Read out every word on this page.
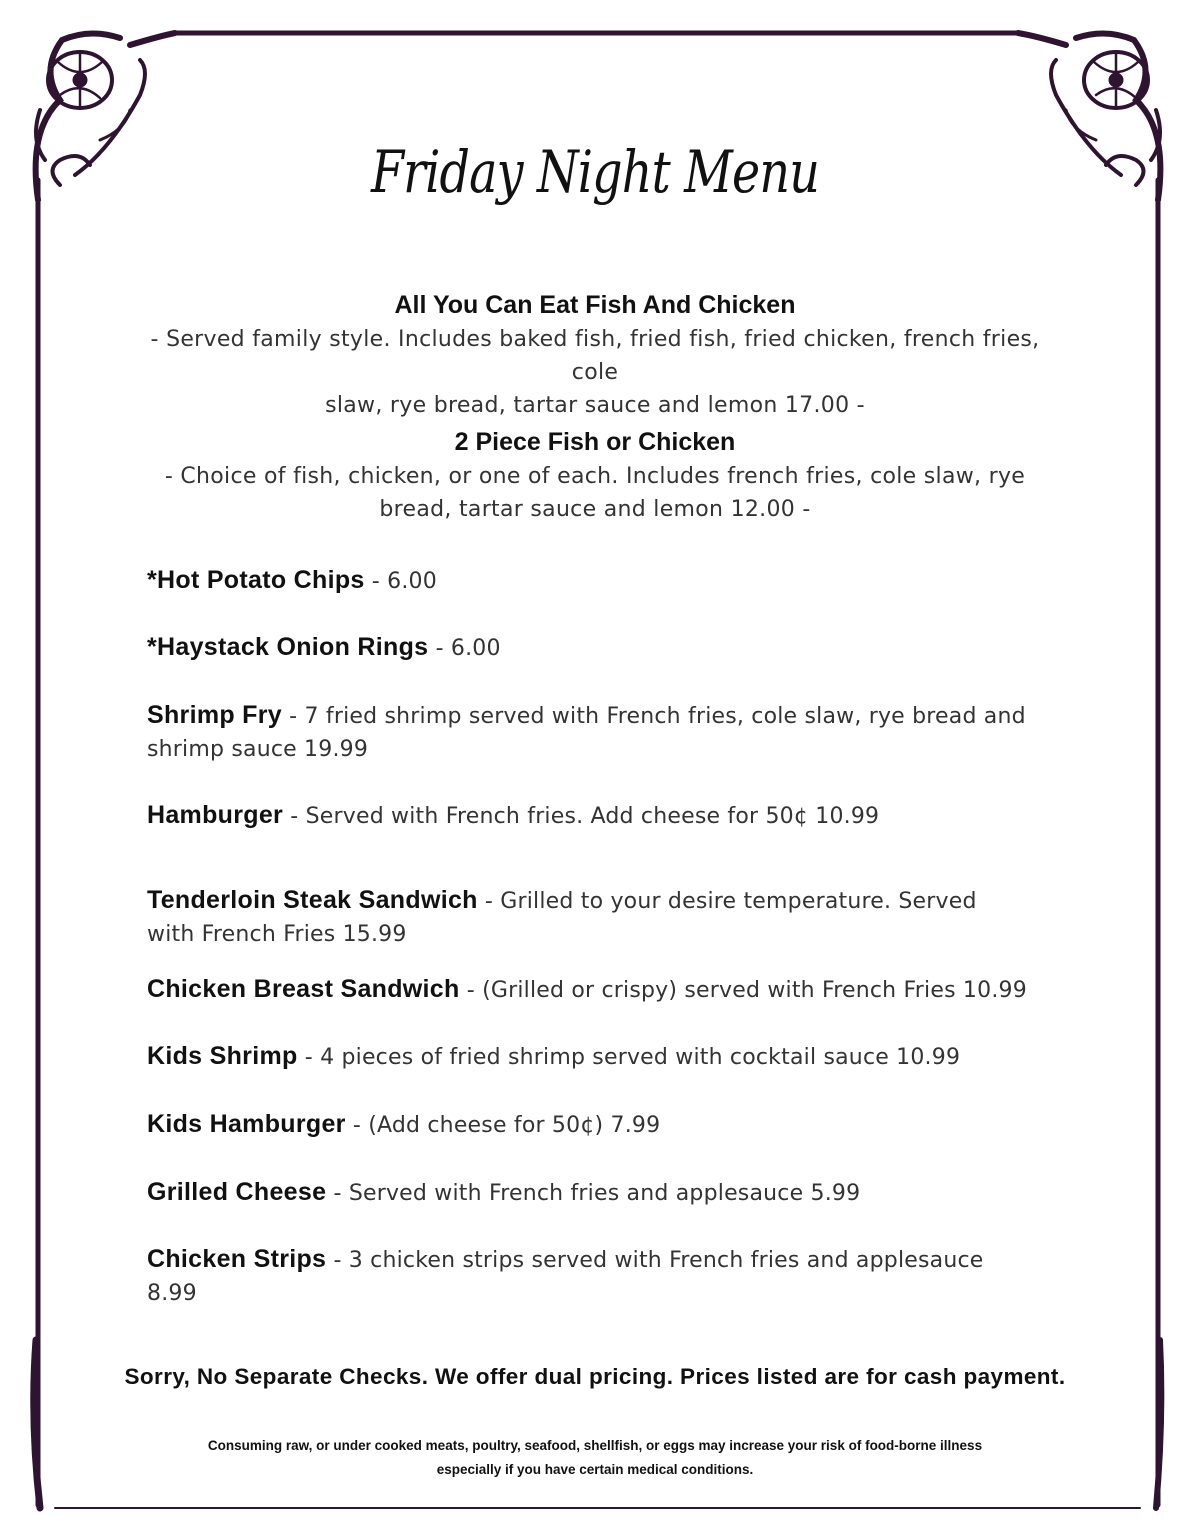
Friday Night Menu
All You Can Eat Fish And Chicken

- Served family style. Includes baked fish, fried fish, fried chicken, french fries, cole

slaw, rye bread, tartar sauce and lemon 17.00 -

2 Piece Fish or Chicken

- Choice of fish, chicken, or one of each. Includes french fries, cole slaw, rye

bread, tartar sauce and lemon 12.00 -

*Hot Potato Chips - 6.00
*Haystack Onion Rings - 6.00
Shrimp Fry - 7 fried shrimp served with French fries, cole slaw, rye bread and shrimp sauce 19.99
Hamburger - Served with French fries. Add cheese for 50¢ 10.99
Tenderloin Steak Sandwich - Grilled to your desire temperature. Served with French Fries 15.99
Chicken Breast Sandwich - (Grilled or crispy) served with French Fries 10.99
Kids Shrimp - 4 pieces of fried shrimp served with cocktail sauce 10.99
Kids Hamburger - (Add cheese for 50¢) 7.99
Grilled Cheese - Served with French fries and applesauce 5.99
Chicken Strips - 3 chicken strips served with French fries and applesauce 8.99
Sorry, No Separate Checks. We offer dual pricing. Prices listed are for cash payment.
Consuming raw, or under cooked meats, poultry, seafood, shellfish, or eggs may increase your risk of food-borne illness
especially if you have certain medical conditions.
